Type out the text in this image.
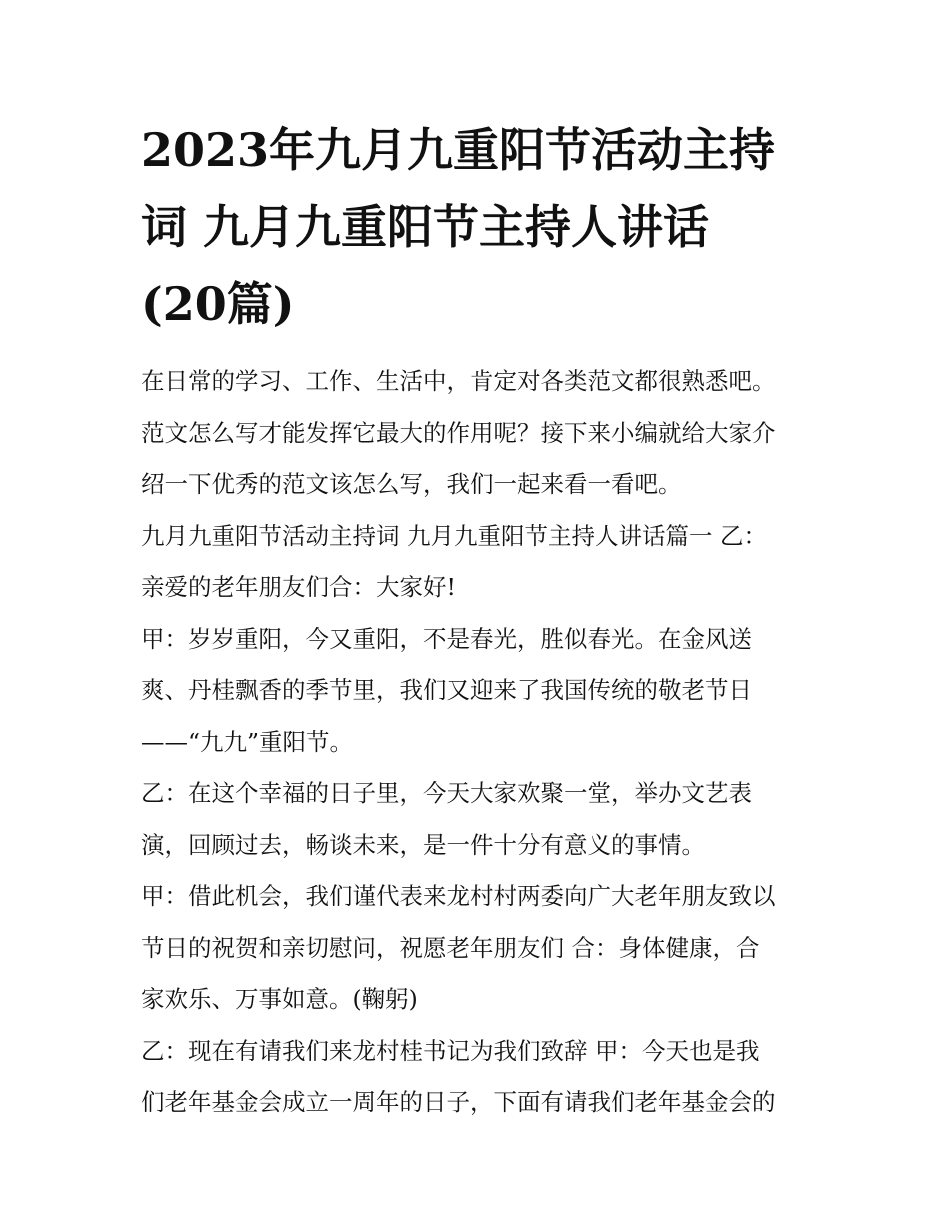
2023年九月九重阳节活动主持
词 九月九重阳节主持人讲话
(20篇)
在日常的学习、工作、生活中，肯定对各类范文都很熟悉吧。
范文怎么写才能发挥它最大的作用呢？接下来小编就给大家介
绍一下优秀的范文该怎么写，我们一起来看一看吧。
九月九重阳节活动主持词 九月九重阳节主持人讲话篇一 乙：
亲爱的老年朋友们合：大家好!
甲：岁岁重阳，今又重阳，不是春光，胜似春光。在金风送
爽、丹桂飘香的季节里，我们又迎来了我国传统的敬老节日
——“九九”重阳节。
乙：在这个幸福的日子里，今天大家欢聚一堂，举办文艺表
演，回顾过去，畅谈未来，是一件十分有意义的事情。
甲：借此机会，我们谨代表来龙村村两委向广大老年朋友致以
节日的祝贺和亲切慰问，祝愿老年朋友们 合：身体健康，合
家欢乐、万事如意。(鞠躬)
乙：现在有请我们来龙村桂书记为我们致辞 甲：今天也是我
们老年基金会成立一周年的日子，下面有请我们老年基金会的
